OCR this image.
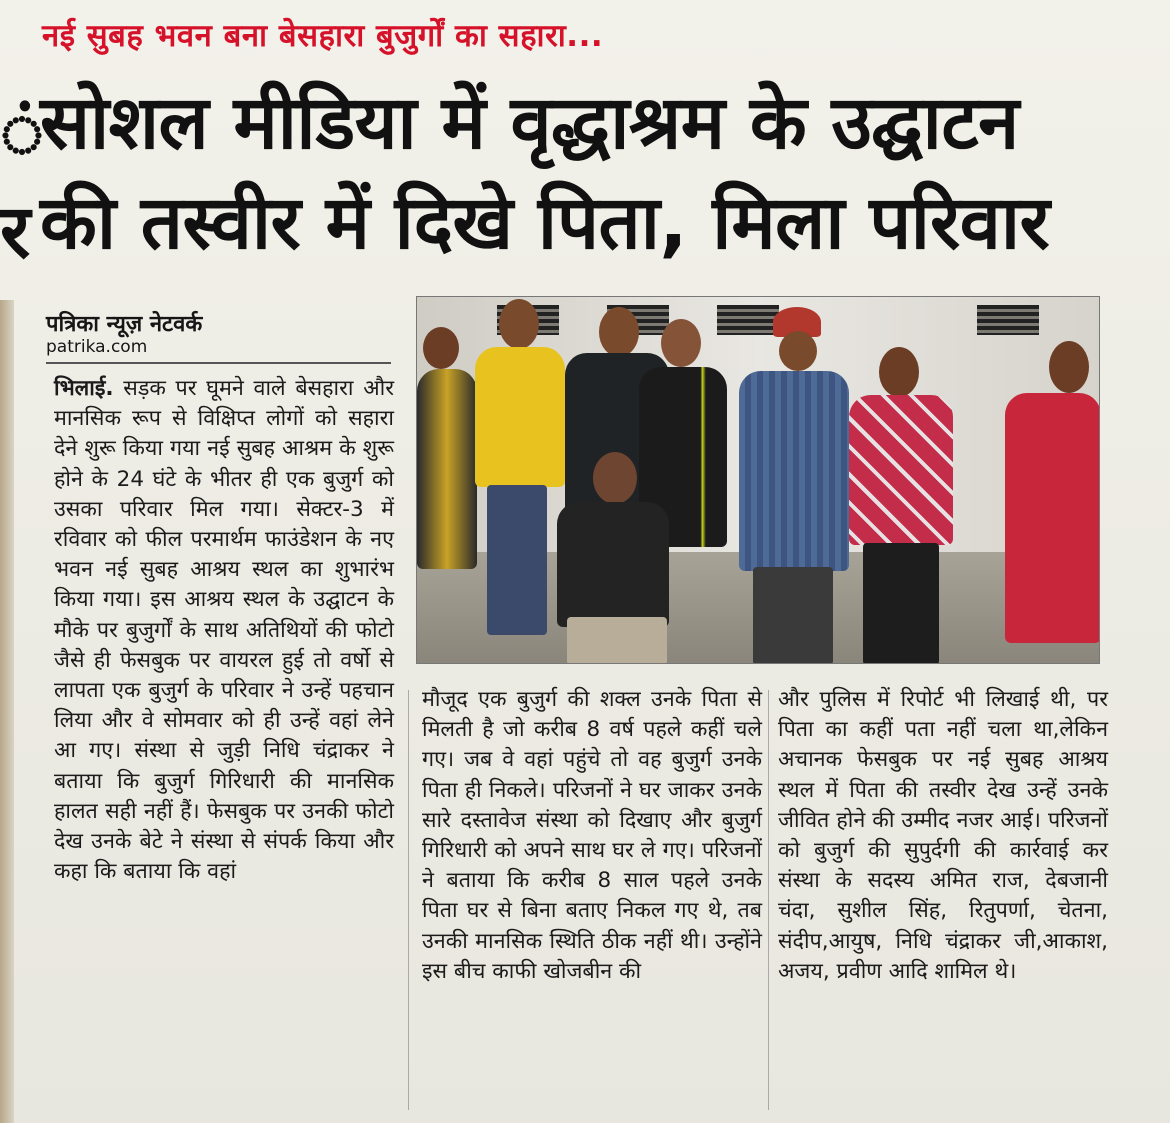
नई सुबह भवन बना बेसहारा बुजुर्गों का सहारा...
ं
सोशल मीडिया में वृद्धाश्रम के उद्घाटन
र की तस्वीर में दिखे पिता, मिला परिवार
पत्रिका न्यूज़ नेटवर्क
patrika.com
भिलाई. सड़क पर घूमने वाले बेसहारा और मानसिक रूप से विक्षिप्त लोगों को सहारा देने शुरू किया गया नई सुबह आश्रम के शुरू होने के 24 घंटे के भीतर ही एक बुजुर्ग को उसका परिवार मिल गया। सेक्टर-3 में रविवार को फील परमार्थम फाउंडेशन के नए भवन नई सुबह आश्रय स्थल का शुभारंभ किया गया। इस आश्रय स्थल के उद्घाटन के मौके पर बुजुर्गों के साथ अतिथियों की फोटो जैसे ही फेसबुक पर वायरल हुई तो वर्षो से लापता एक बुजुर्ग के परिवार ने उन्हें पहचान लिया और वे सोमवार को ही उन्हें वहां लेने आ गए। संस्था से जुड़ी निधि चंद्राकर ने बताया कि बुजुर्ग गिरिधारी की मानसिक हालत सही नहीं हैं। फेसबुक पर उनकी फोटो देख उनके बेटे ने संस्था से संपर्क किया और कहा कि बताया कि वहां
मौजूद एक बुजुर्ग की शक्ल उनके पिता से मिलती है जो करीब 8 वर्ष पहले कहीं चले गए। जब वे वहां पहुंचे तो वह बुजुर्ग उनके पिता ही निकले। परिजनों ने घर जाकर उनके सारे दस्तावेज संस्था को दिखाए और बुजुर्ग गिरिधारी को अपने साथ घर ले गए। परिजनों ने बताया कि करीब 8 साल पहले उनके पिता घर से बिना बताए निकल गए थे, तब उनकी मानसिक स्थिति ठीक नहीं थी। उन्होंने इस बीच काफी खोजबीन की
और पुलिस में रिपोर्ट भी लिखाई थी, पर पिता का कहीं पता नहीं चला था,लेकिन अचानक फेसबुक पर नई सुबह आश्रय स्थल में पिता की तस्वीर देख उन्हें उनके जीवित होने की उम्मीद नजर आई। परिजनों को बुजुर्ग की सुपुर्दगी की कार्रवाई कर संस्था के सदस्य अमित राज, देबजानी चंदा, सुशील सिंह, रितुपर्णा, चेतना, संदीप,आयुष, निधि चंद्राकर जी,आकाश, अजय, प्रवीण आदि शामिल थे।
